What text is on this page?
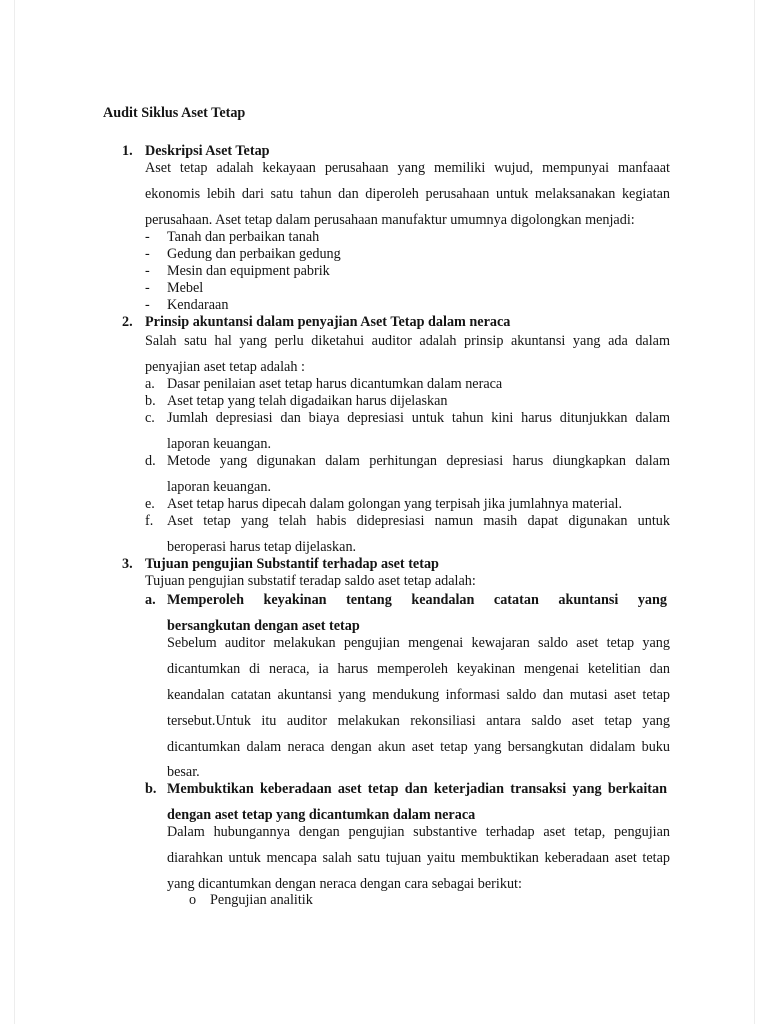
Audit Siklus Aset Tetap
1. Deskripsi Aset Tetap
Aset tetap adalah kekayaan perusahaan yang memiliki wujud, mempunyai manfaaat
ekonomis lebih dari satu tahun dan diperoleh perusahaan untuk melaksanakan kegiatan
perusahaan. Aset tetap dalam perusahaan manufaktur umumnya digolongkan menjadi:
- Tanah dan perbaikan tanah
- Gedung dan perbaikan gedung
- Mesin dan equipment pabrik
- Mebel
- Kendaraan
2. Prinsip akuntansi dalam penyajian Aset Tetap dalam neraca
Salah satu hal yang perlu diketahui auditor adalah prinsip akuntansi yang ada dalam
penyajian aset tetap adalah :
a. Dasar penilaian aset tetap harus dicantumkan dalam neraca
b. Aset tetap yang telah digadaikan harus dijelaskan
c. Jumlah depresiasi dan biaya depresiasi untuk tahun kini harus ditunjukkan dalam
laporan keuangan.
d. Metode yang digunakan dalam perhitungan depresiasi harus diungkapkan dalam
laporan keuangan.
e. Aset tetap harus dipecah dalam golongan yang terpisah jika jumlahnya material.
f. Aset tetap yang telah habis didepresiasi namun masih dapat digunakan untuk
beroperasi harus tetap dijelaskan.
3. Tujuan pengujian Substantif terhadap aset tetap
Tujuan pengujian substatif teradap saldo aset tetap adalah:
a. Memperoleh keyakinan tentang keandalan catatan akuntansi yang
bersangkutan dengan aset tetap
Sebelum auditor melakukan pengujian mengenai kewajaran saldo aset tetap yang
dicantumkan di neraca, ia harus memperoleh keyakinan mengenai ketelitian dan
keandalan catatan akuntansi yang mendukung informasi saldo dan mutasi aset tetap
tersebut.Untuk itu auditor melakukan rekonsiliasi antara saldo aset tetap yang
dicantumkan dalam neraca dengan akun aset tetap yang bersangkutan didalam buku
besar.
b. Membuktikan keberadaan aset tetap dan keterjadian transaksi yang berkaitan
dengan aset tetap yang dicantumkan dalam neraca
Dalam hubungannya dengan pengujian substantive terhadap aset tetap, pengujian
diarahkan untuk mencapa salah satu tujuan yaitu membuktikan keberadaan aset tetap
yang dicantumkan dengan neraca dengan cara sebagai berikut:
o Pengujian analitik
